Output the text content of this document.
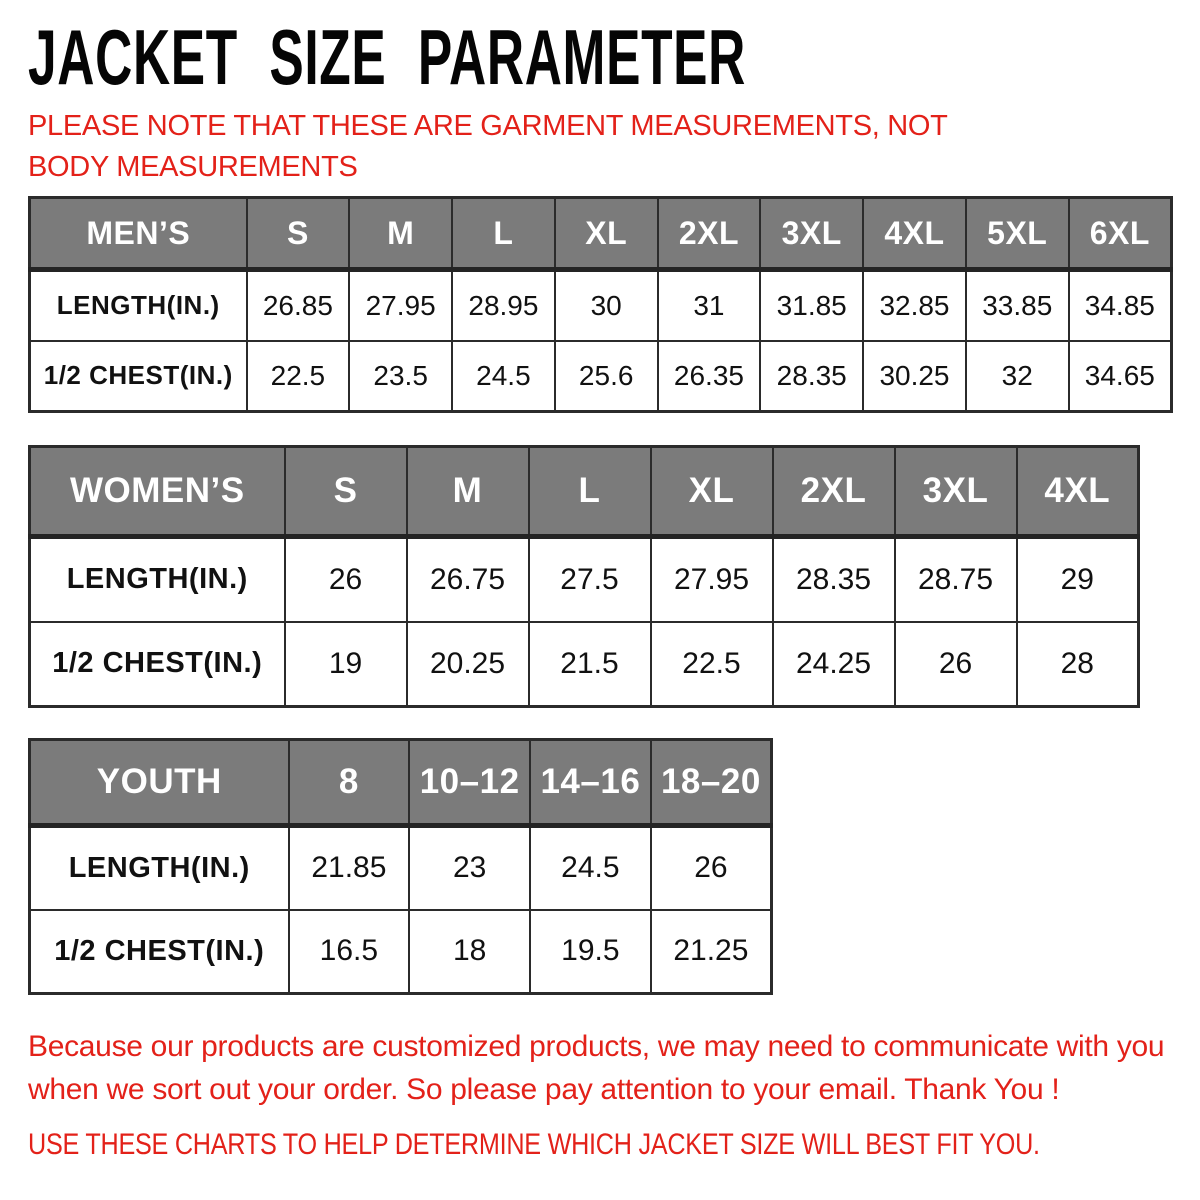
JACKET SIZE PARAMETER
PLEASE NOTE THAT THESE ARE GARMENT MEASUREMENTS, NOT BODY MEASUREMENTS
MEN’S	S	M	L	XL	2XL	3XL	4XL	5XL	6XL
LENGTH(IN.)	26.85	27.95	28.95	30	31	31.85	32.85	33.85	34.85
1/2 CHEST(IN.)	22.5	23.5	24.5	25.6	26.35	28.35	30.25	32	34.65
WOMEN’S	S	M	L	XL	2XL	3XL	4XL
LENGTH(IN.)	26	26.75	27.5	27.95	28.35	28.75	29
1/2 CHEST(IN.)	19	20.25	21.5	22.5	24.25	26	28
YOUTH	8	10–12	14–16	18–20
LENGTH(IN.)	21.85	23	24.5	26
1/2 CHEST(IN.)	16.5	18	19.5	21.25
Because our products are customized products, we may need to communicate with you when we sort out your order. So please pay attention to your email. Thank You !
USE THESE CHARTS TO HELP DETERMINE WHICH JACKET SIZE WILL BEST FIT YOU.
